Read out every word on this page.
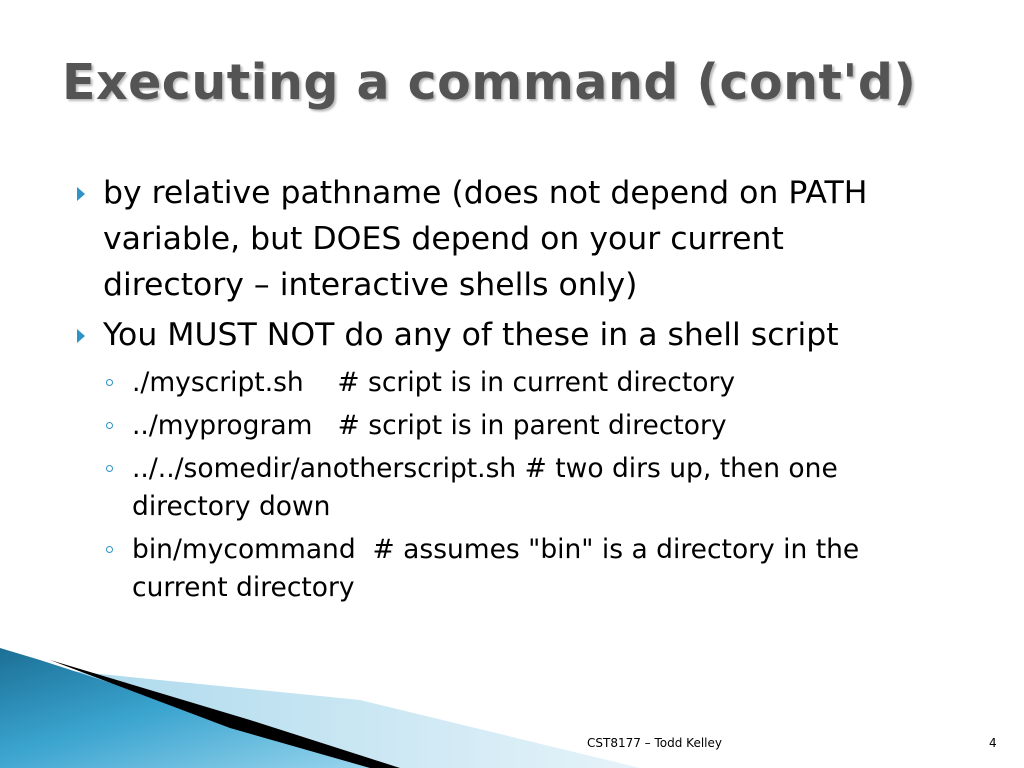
Executing a command (cont'd)
by relative pathname (does not depend on PATH variable, but DOES depend on your current directory – interactive shells only)
You MUST NOT do any of these in a shell script
./myscript.sh    # script is in current directory
../myprogram   # script is in parent directory
../../somedir/anotherscript.sh # two dirs up, then one directory down
bin/mycommand  # assumes "bin" is a directory in the current directory
CST8177 – Todd Kelley	4
